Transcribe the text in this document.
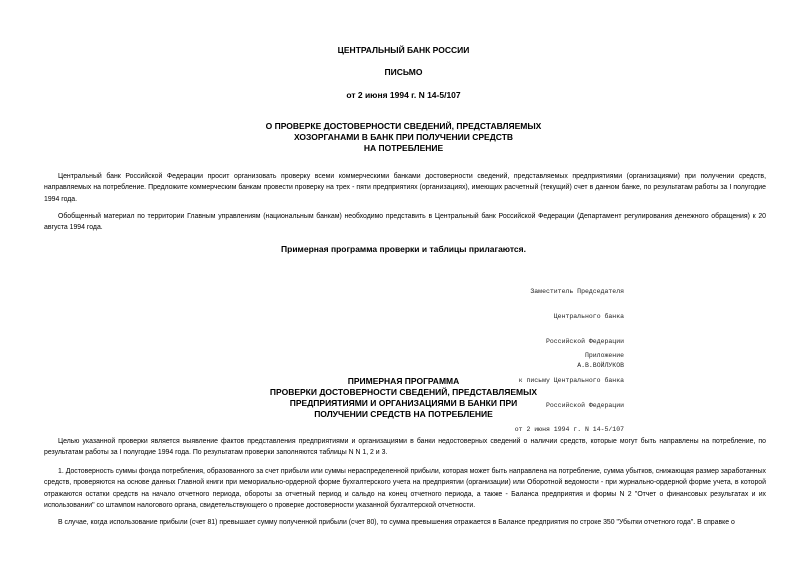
ЦЕНТРАЛЬНЫЙ БАНК РОССИИ
ПИСЬМО
от 2 июня 1994 г. N 14-5/107
О ПРОВЕРКЕ ДОСТОВЕРНОСТИ СВЕДЕНИЙ, ПРЕДСТАВЛЯЕМЫХ
ХОЗОРГАНАМИ В БАНК ПРИ ПОЛУЧЕНИИ СРЕДСТВ
НА ПОТРЕБЛЕНИЕ
Центральный банк Российской Федерации просит организовать проверку всеми коммерческими банками достоверности сведений, представляемых предприятиями (организациями) при получении средств, направляемых на потребление. Предложите коммерческим банкам провести проверку на трех - пяти предприятиях (организациях), имеющих расчетный (текущий) счет в данном банке, по результатам работы за I полугодие 1994 года.
Обобщенный материал по территории Главным управлениям (национальным банкам) необходимо представить в Центральный банк Российской Федерации (Департамент регулирования денежного обращения) к 20 августа 1994 года.
Примерная программа проверки и таблицы прилагаются.

Заместитель Председателя

Центрального банка

Российской Федерации

А.В.ВОЙЛУКОВ

Приложение

к письму Центрального банка

Российской Федерации

от 2 июня 1994 г. N 14-5/107

ПРИМЕРНАЯ ПРОГРАММА
ПРОВЕРКИ ДОСТОВЕРНОСТИ СВЕДЕНИЙ, ПРЕДСТАВЛЯЕМЫХ
ПРЕДПРИЯТИЯМИ И ОРГАНИЗАЦИЯМИ В БАНКИ ПРИ
ПОЛУЧЕНИИ СРЕДСТВ НА ПОТРЕБЛЕНИЕ
Целью указанной проверки является выявление фактов представления предприятиями и организациями в банки недостоверных сведений о наличии средств, которые могут быть направлены на потребление, по результатам работы за I полугодие 1994 года. По результатам проверки заполняются таблицы N N 1, 2 и 3.
1. Достоверность суммы фонда потребления, образованного за счет прибыли или суммы нераспределенной прибыли, которая может быть направлена на потребление, сумма убытков, снижающая размер заработанных средств, проверяются на основе данных Главной книги при мемориально-ордерной форме бухгалтерского учета на предприятии (организации) или Оборотной ведомости - при журнально-ордерной форме учета, в которой отражаются остатки средств на начало отчетного периода, обороты за отчетный период и сальдо на конец отчетного периода, а также - Баланса предприятия и формы N 2 "Отчет о финансовых результатах и их использовании" со штампом налогового органа, свидетельствующего о проверке достоверности указанной бухгалтерской отчетности.
В случае, когда использование прибыли (счет 81) превышает сумму полученной прибыли (счет 80), то сумма превышения отражается в Балансе предприятия по строке 350 "Убытки отчетного года". В справке о
